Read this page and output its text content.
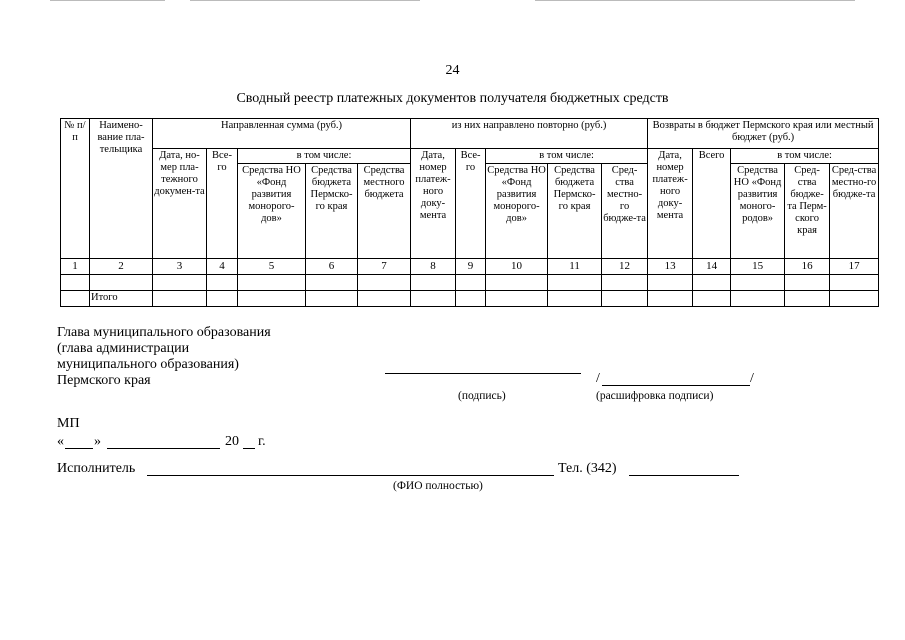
24
Сводный реестр платежных документов получателя бюджетных средств
№ п/п	Наимено-вание пла-тельщика	Направленная сумма (руб.)					из них направлено повторно (руб.)					Возвраты в бюджет Пермского края или местный бюджет (руб.)				
		Дата, но-мер пла-тежного докумен-та	Все-го	в том числе:			Дата, номер платеж-ного доку-мента	Все-го	в том числе:			Дата, номер платеж-ного доку-мента	Всего	в том числе:		
				Средства НО «Фонд развития монорого-дов»	Средства бюджета Пермско-го края	Средства местного бюджета			Средства НО «Фонд развития монорого-дов»	Средства бюджета Пермско-го края	Сред-ства местно-го бюдже-та			Средства НО «Фонд развития моного-родов»	Сред-ства бюдже-та Перм-ского края	Сред-ства местно-го бюдже-та
1	2	3	4	5	6	7	8	9	10	11	12	13	14	15	16	17

	Итого															
Глава муниципального образования
(главa администрации
муниципального образования)
Пермского края	/	/
(подпись)	(расшифровка подписи)
МП
« »	20 г.
Исполнитель	Тел. (342)
(ФИО полностью)
